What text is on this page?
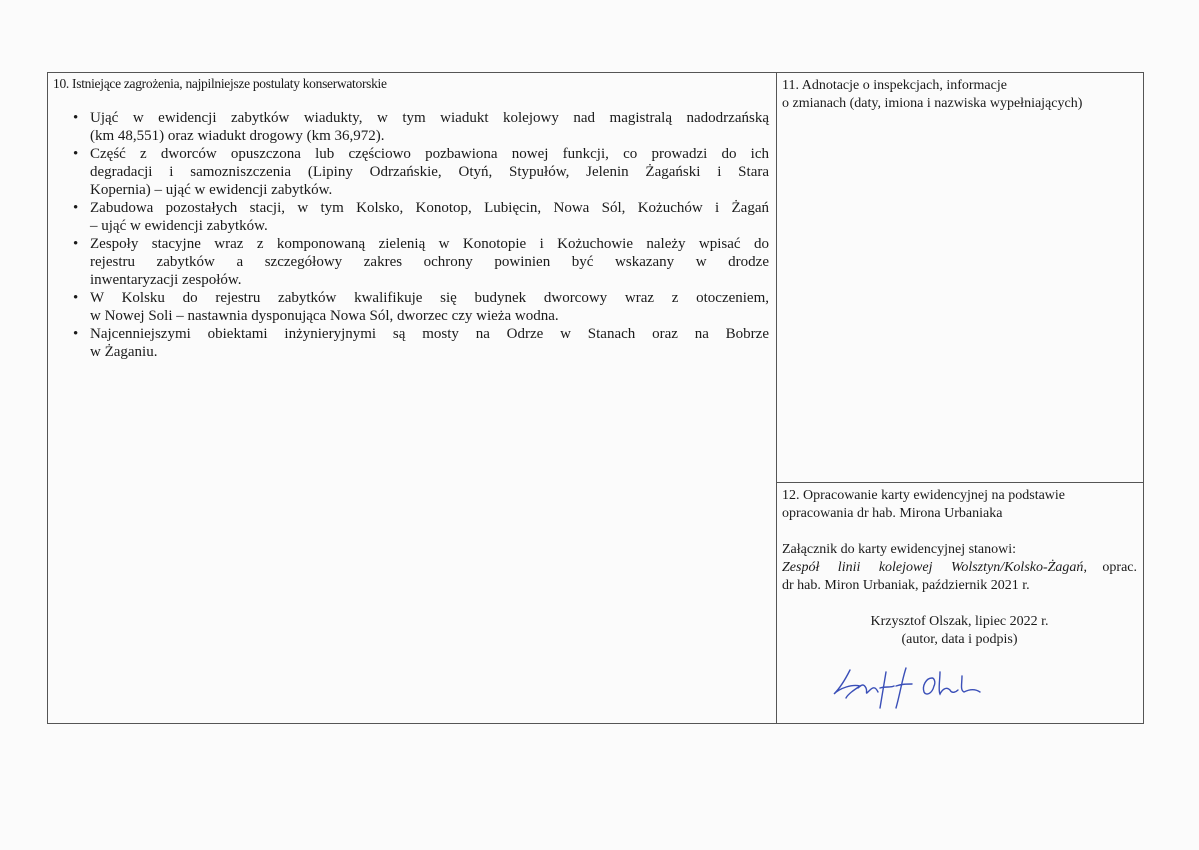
10. Istniejące zagrożenia, najpilniejsze postulaty konserwatorskie
• Ująć w ewidencji zabytków wiadukty, w tym wiadukt kolejowy nad magistralą nadodrzańską
(km 48,551) oraz wiadukt drogowy (km 36,972).
• Część z dworców opuszczona lub częściowo pozbawiona nowej funkcji, co prowadzi do ich
degradacji i samozniszczenia (Lipiny Odrzańskie, Otyń, Stypułów, Jelenin Żagański i Stara
Kopernia) – ująć w ewidencji zabytków.
• Zabudowa pozostałych stacji, w tym Kolsko, Konotop, Lubięcin, Nowa Sól, Kożuchów i Żagań
– ująć w ewidencji zabytków.
• Zespoły stacyjne wraz z komponowaną zielenią w Konotopie i Kożuchowie należy wpisać do
rejestru zabytków a szczegółowy zakres ochrony powinien być wskazany w drodze
inwentaryzacji zespołów.
• W Kolsku do rejestru zabytków kwalifikuje się budynek dworcowy wraz z otoczeniem,
w Nowej Soli – nastawnia dysponująca Nowa Sól, dworzec czy wieża wodna.
• Najcenniejszymi obiektami inżynieryjnymi są mosty na Odrze w Stanach oraz na Bobrze
w Żaganiu.
11. Adnotacje o inspekcjach, informacje
o zmianach (daty, imiona i nazwiska wypełniających)
12. Opracowanie karty ewidencyjnej na podstawie
opracowania dr hab. Mirona Urbaniaka
Załącznik do karty ewidencyjnej stanowi:
Zespół linii kolejowej Wolsztyn/Kolsko-Żagań, oprac.
dr hab. Miron Urbaniak, październik 2021 r.
Krzysztof Olszak, lipiec 2022 r.
(autor, data i podpis)
